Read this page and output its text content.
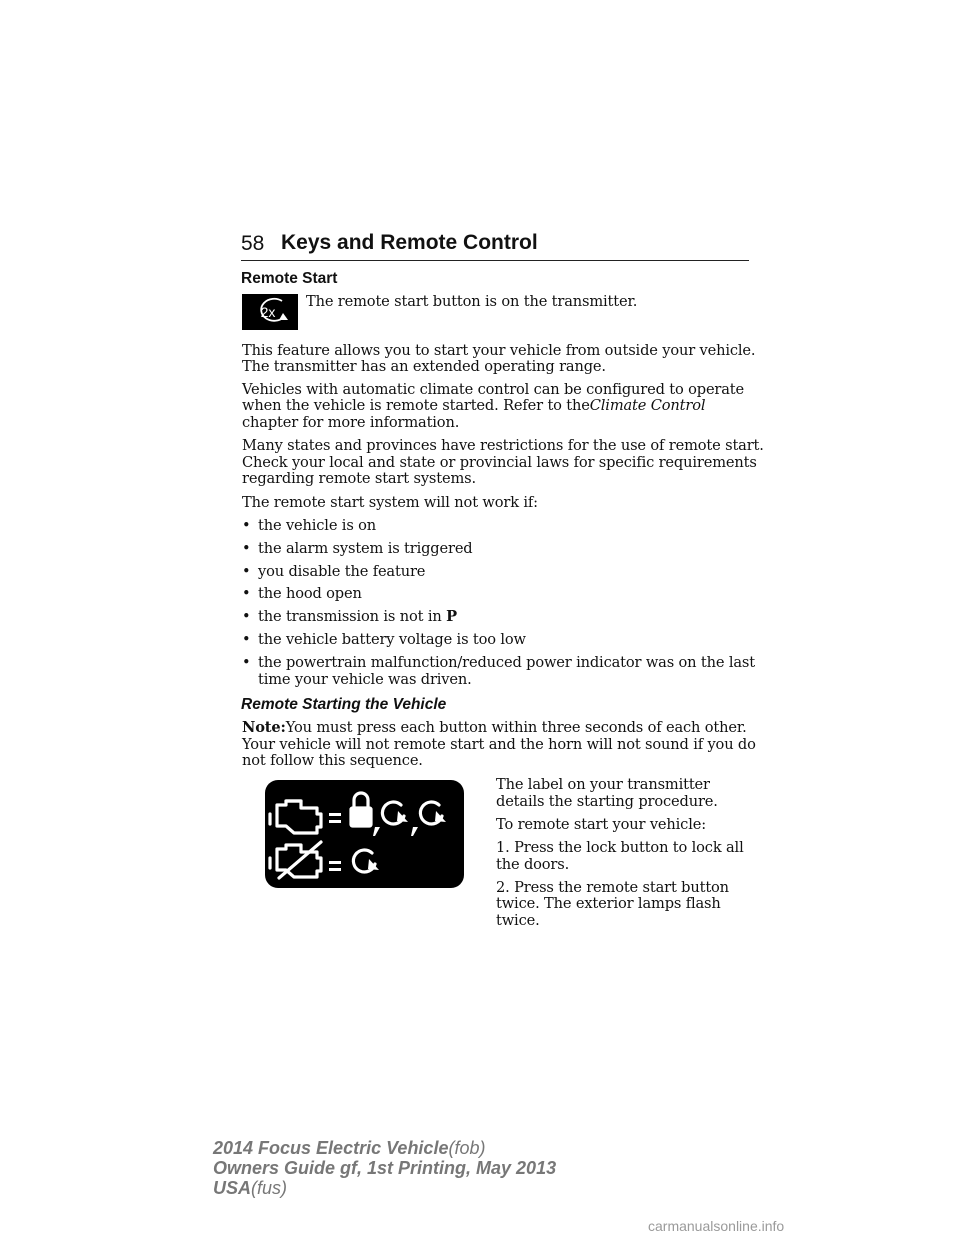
58 Keys and Remote Control
Remote Start
2x
The remote start button is on the transmitter.
This feature allows you to start your vehicle from outside your vehicle.
The transmitter has an extended operating range.
Vehicles with automatic climate control can be configured to operate
when the vehicle is remote started. Refer to theClimate Control
chapter for more information.
Many states and provinces have restrictions for the use of remote start.
Check your local and state or provincial laws for specific requirements
regarding remote start systems.
The remote start system will not work if:
• the vehicle is on
• the alarm system is triggered
• you disable the feature
• the hood open
• the transmission is not in P
• the vehicle battery voltage is too low
• the powertrain malfunction/reduced power indicator was on the last
time your vehicle was driven.
Remote Starting the Vehicle
Note:You must press each button within three seconds of each other.
Your vehicle will not remote start and the horn will not sound if you do
not follow this sequence.
The label on your transmitter
details the starting procedure.
To remote start your vehicle:
1. Press the lock button to lock all
the doors.
2. Press the remote start button
twice. The exterior lamps flash
twice.
2014 Focus Electric Vehicle(fob)
Owners Guide gf, 1st Printing, May 2013
USA(fus)
carmanualsonline.info
